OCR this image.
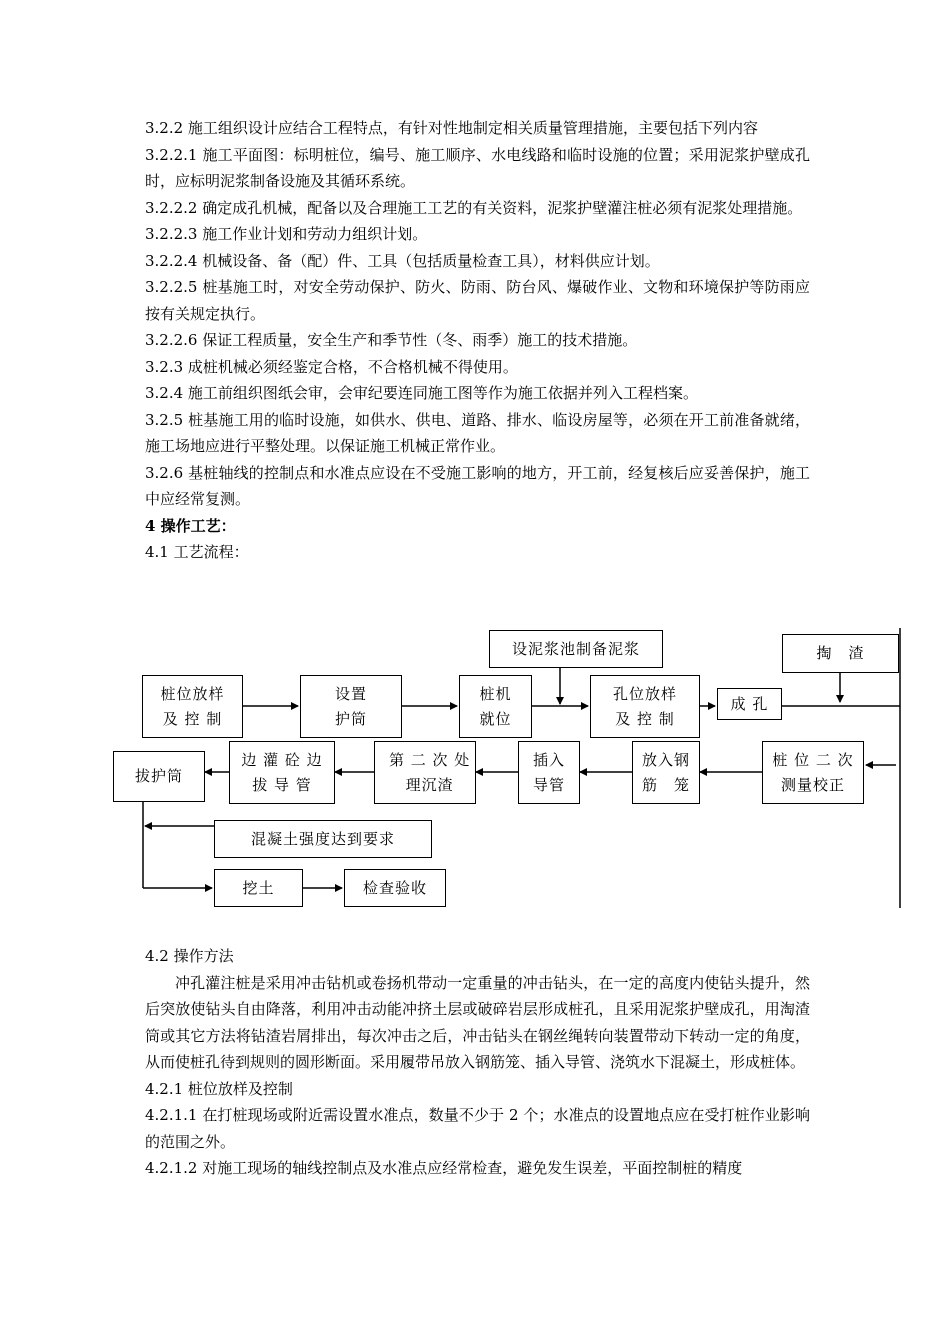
3.2.2 施工组织设计应结合工程特点，有针对性地制定相关质量管理措施，主要包括下列内容

3.2.2.1 施工平面图：标明桩位，编号、施工顺序、水电线路和临时设施的位置；采用泥浆护壁成孔时，应标明泥浆制备设施及其循环系统。

3.2.2.2 确定成孔机械，配备以及合理施工工艺的有关资料，泥浆护壁灌注桩必须有泥浆处理措施。

3.2.2.3 施工作业计划和劳动力组织计划。

3.2.2.4 机械设备、备（配）件、工具（包括质量检查工具），材料供应计划。

3.2.2.5 桩基施工时，对安全劳动保护、防火、防雨、防台风、爆破作业、文物和环境保护等防雨应按有关规定执行。

3.2.2.6 保证工程质量，安全生产和季节性（冬、雨季）施工的技术措施。

3.2.3 成桩机械必须经鉴定合格，不合格机械不得使用。

3.2.4 施工前组织图纸会审，会审纪要连同施工图等作为施工依据并列入工程档案。

3.2.5 桩基施工用的临时设施，如供水、供电、道路、排水、临设房屋等，必须在开工前准备就绪，施工场地应进行平整处理。以保证施工机械正常作业。

3.2.6 基桩轴线的控制点和水准点应设在不受施工影响的地方，开工前，经复核后应妥善保护，施工中应经常复测。

4 操作工艺：

4.1 工艺流程：

设泥浆池制备泥浆	掏　渣
桩位放样
及 控 制
设置
护筒
桩机
就位
孔位放样
及 控 制
成 孔
桩 位 二 次
测量校正
放入钢
筋　笼
插入
导管
第 二 次 处
理沉渣
边 灌 砼 边
拔 导 管
拔护筒
混凝土强度达到要求
挖土	检查验收

4.2 操作方法

冲孔灌注桩是采用冲击钻机或卷扬机带动一定重量的冲击钻头，在一定的高度内使钻头提升，然后突放使钻头自由降落，利用冲击动能冲挤土层或破碎岩层形成桩孔，且采用泥浆护壁成孔，用淘渣筒或其它方法将钻渣岩屑排出，每次冲击之后，冲击钻头在钢丝绳转向装置带动下转动一定的角度，从而使桩孔待到规则的圆形断面。采用履带吊放入钢筋笼、插入导管、浇筑水下混凝土，形成桩体。

4.2.1 桩位放样及控制

4.2.1.1 在打桩现场或附近需设置水准点，数量不少于 2 个；水准点的设置地点应在受打桩作业影响的范围之外。

4.2.1.2 对施工现场的轴线控制点及水准点应经常检查，避免发生误差，平面控制桩的精度
